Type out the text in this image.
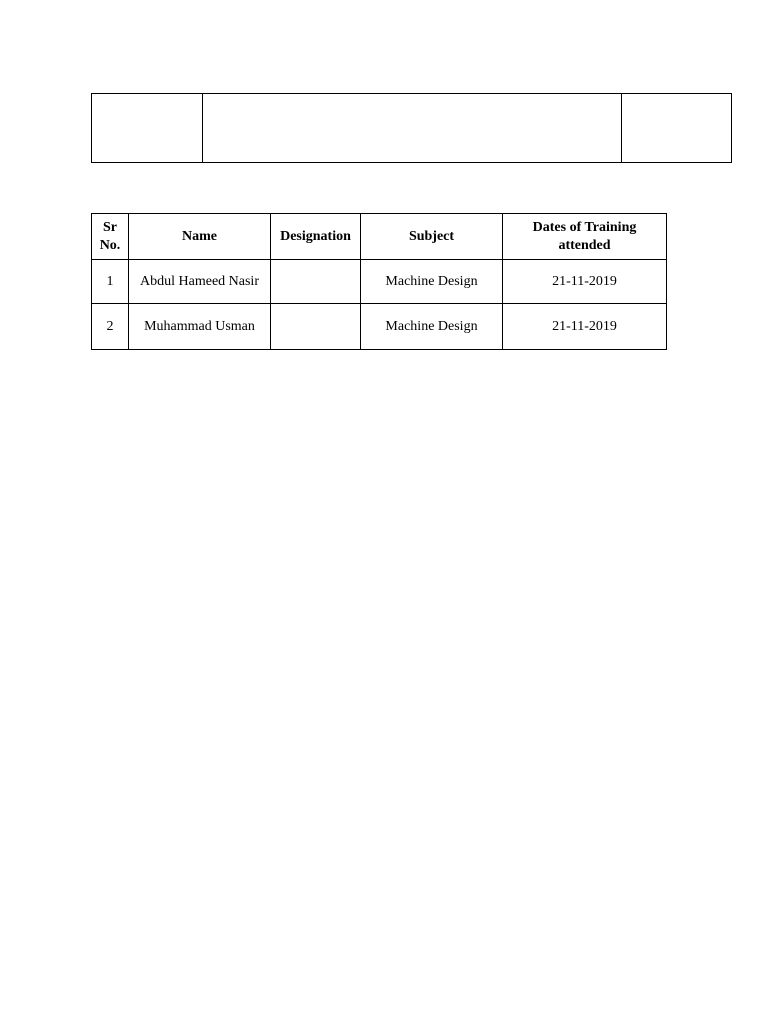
Sr No.	Name	Designation	Subject	Dates of Training attended
1	Abdul Hameed Nasir		Machine Design	21-11-2019
2	Muhammad Usman		Machine Design	21-11-2019
